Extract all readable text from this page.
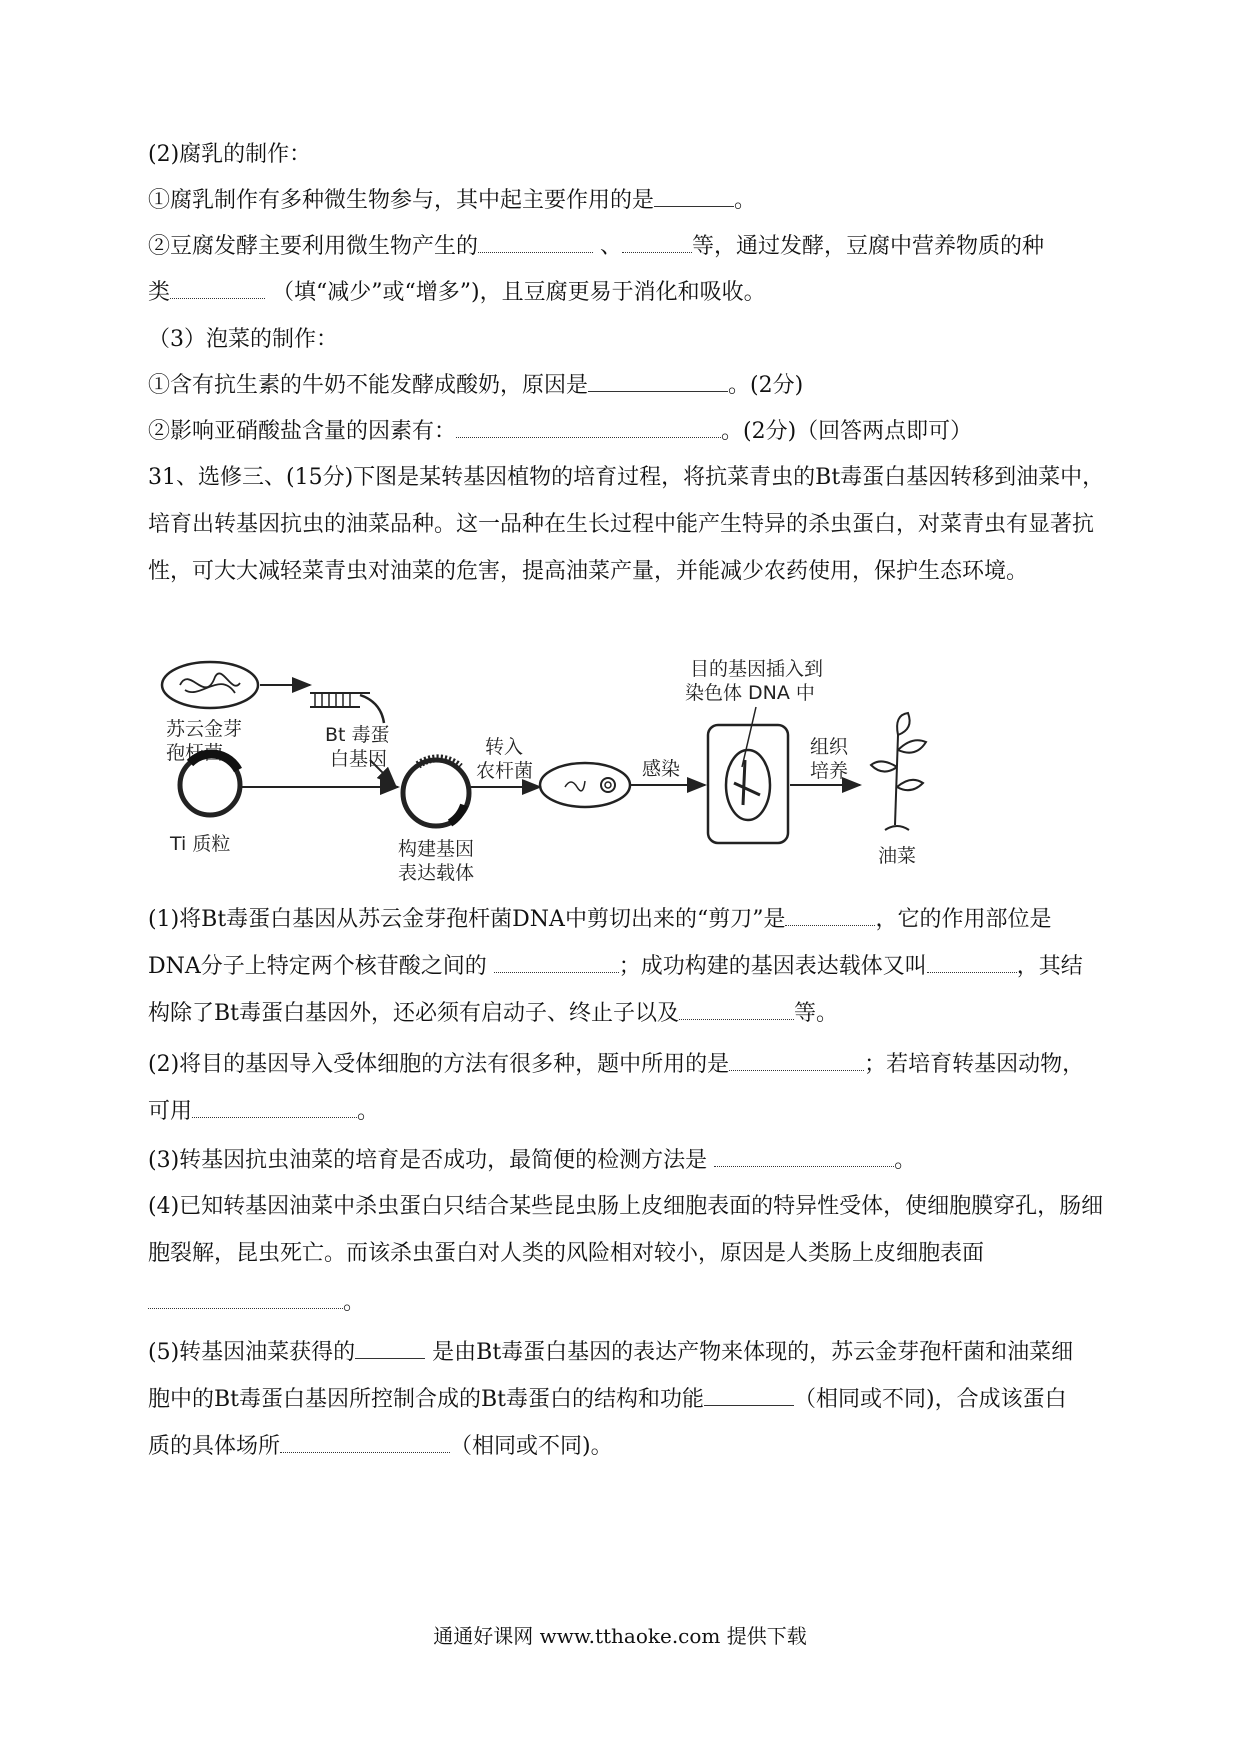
(2)腐乳的制作：
①腐乳制作有多种微生物参与，其中起主要作用的是	。
②豆腐发酵主要利用微生物产生的	、	等，通过发酵，豆腐中营养物质的种
类	（填“减少”或“增多”)，且豆腐更易于消化和吸收。
（3）泡菜的制作：
①含有抗生素的牛奶不能发酵成酸奶，原因是	。(2分)
②影响亚硝酸盐含量的因素有：	。(2分)（回答两点即可）
31、选修三、(15分)下图是某转基因植物的培育过程，将抗菜青虫的Bt毒蛋白基因转移到油菜中，
培育出转基因抗虫的油菜品种。这一品种在生长过程中能产生特异的杀虫蛋白，对菜青虫有显著抗
性，可大大减轻菜青虫对油菜的危害，提高油菜产量，并能减少农药使用，保护生态环境。
苏云金芽
孢杆菌
Bt 毒蛋
白基因
Ti 质粒	构建基因
表达载体
转入
农杆菌	感染
目的基因插入到
染色体 DNA 中
组织
培养
油菜
(1)将Bt毒蛋白基因从苏云金芽孢杆菌DNA中剪切出来的“剪刀”是	，它的作用部位是
DNA分子上特定两个核苷酸之间的	；成功构建的基因表达载体又叫	，其结
构除了Bt毒蛋白基因外，还必须有启动子、终止子以及	等。
(2)将目的基因导入受体细胞的方法有很多种，题中所用的是	；若培育转基因动物，
可用	。
(3)转基因抗虫油菜的培育是否成功，最简便的检测方法是	。
(4)已知转基因油菜中杀虫蛋白只结合某些昆虫肠上皮细胞表面的特异性受体，使细胞膜穿孔，肠细
胞裂解，昆虫死亡。而该杀虫蛋白对人类的风险相对较小，原因是人类肠上皮细胞表面
。
(5)转基因油菜获得的	是由Bt毒蛋白基因的表达产物来体现的，苏云金芽孢杆菌和油菜细
胞中的Bt毒蛋白基因所控制合成的Bt毒蛋白的结构和功能	（相同或不同)，合成该蛋白
质的具体场所	（相同或不同)。
通通好课网 www.tthaoke.com 提供下载
